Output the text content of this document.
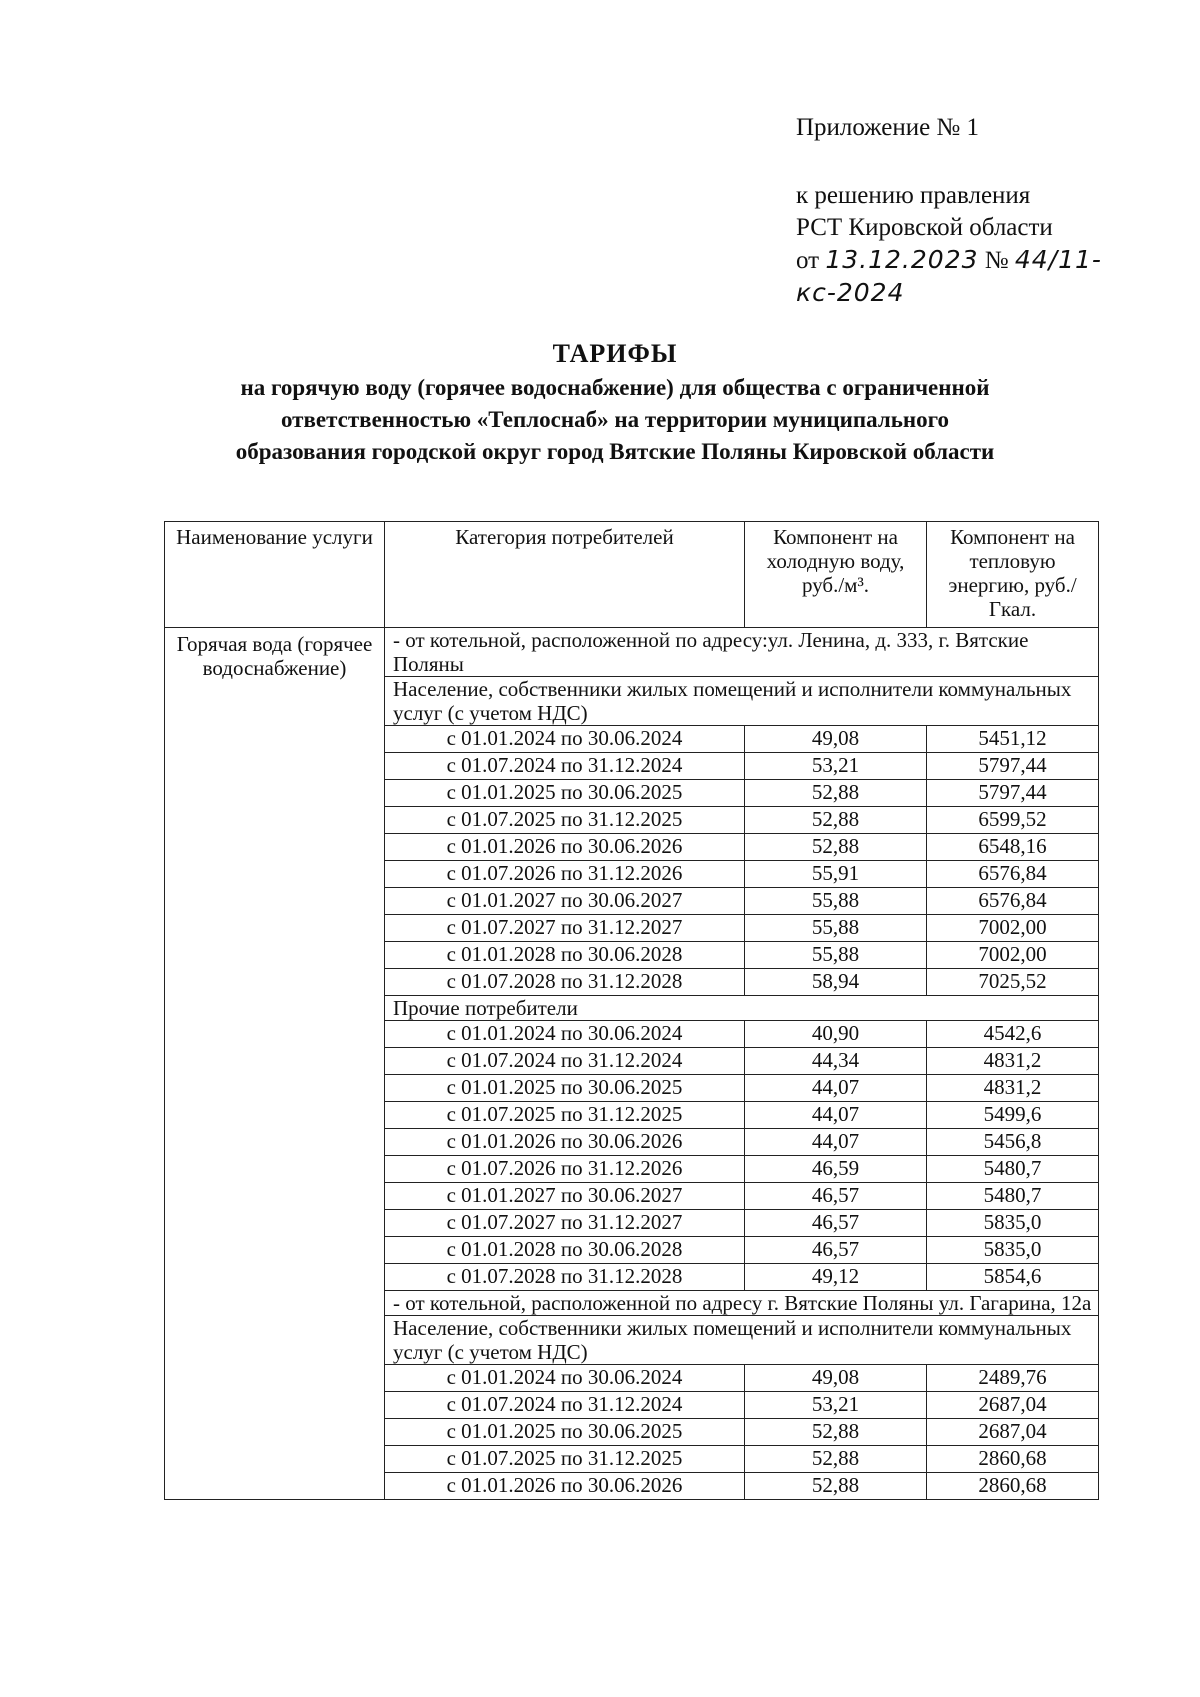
Приложение № 1
к решению правления
РСТ Кировской области
от 13.12.2023 № 44/11-кс-2024
ТАРИФЫ
на горячую воду (горячее водоснабжение) для общества с ограниченной
ответственностью «Теплоснаб» на территории муниципального
образования городской округ город Вятские Поляны Кировской области
Наименование услуги	Категория потребителей	Компонент на холодную воду, руб./м³.	Компонент на тепловую энергию, руб./Гкал.
Горячая вода (горячее водоснабжение)	- от котельной, расположенной по адресу:ул. Ленина, д. 333, г. Вятские Поляны		
	Население, собственники жилых помещений и исполнители коммунальных услуг (с учетом НДС)		
	с 01.01.2024 по 30.06.2024	49,08	5451,12
	с 01.07.2024 по 31.12.2024	53,21	5797,44
	с 01.01.2025 по 30.06.2025	52,88	5797,44
	с 01.07.2025 по 31.12.2025	52,88	6599,52
	с 01.01.2026 по 30.06.2026	52,88	6548,16
	с 01.07.2026 по 31.12.2026	55,91	6576,84
	с 01.01.2027 по 30.06.2027	55,88	6576,84
	с 01.07.2027 по 31.12.2027	55,88	7002,00
	с 01.01.2028 по 30.06.2028	55,88	7002,00
	с 01.07.2028 по 31.12.2028	58,94	7025,52
	Прочие потребители		
	с 01.01.2024 по 30.06.2024	40,90	4542,6
	с 01.07.2024 по 31.12.2024	44,34	4831,2
	с 01.01.2025 по 30.06.2025	44,07	4831,2
	с 01.07.2025 по 31.12.2025	44,07	5499,6
	с 01.01.2026 по 30.06.2026	44,07	5456,8
	с 01.07.2026 по 31.12.2026	46,59	5480,7
	с 01.01.2027 по 30.06.2027	46,57	5480,7
	с 01.07.2027 по 31.12.2027	46,57	5835,0
	с 01.01.2028 по 30.06.2028	46,57	5835,0
	с 01.07.2028 по 31.12.2028	49,12	5854,6
	- от котельной, расположенной по адресу г. Вятские Поляны ул. Гагарина, 12а		
	Население, собственники жилых помещений и исполнители коммунальных услуг (с учетом НДС)		
	с 01.01.2024 по 30.06.2024	49,08	2489,76
	с 01.07.2024 по 31.12.2024	53,21	2687,04
	с 01.01.2025 по 30.06.2025	52,88	2687,04
	с 01.07.2025 по 31.12.2025	52,88	2860,68
	с 01.01.2026 по 30.06.2026	52,88	2860,68
